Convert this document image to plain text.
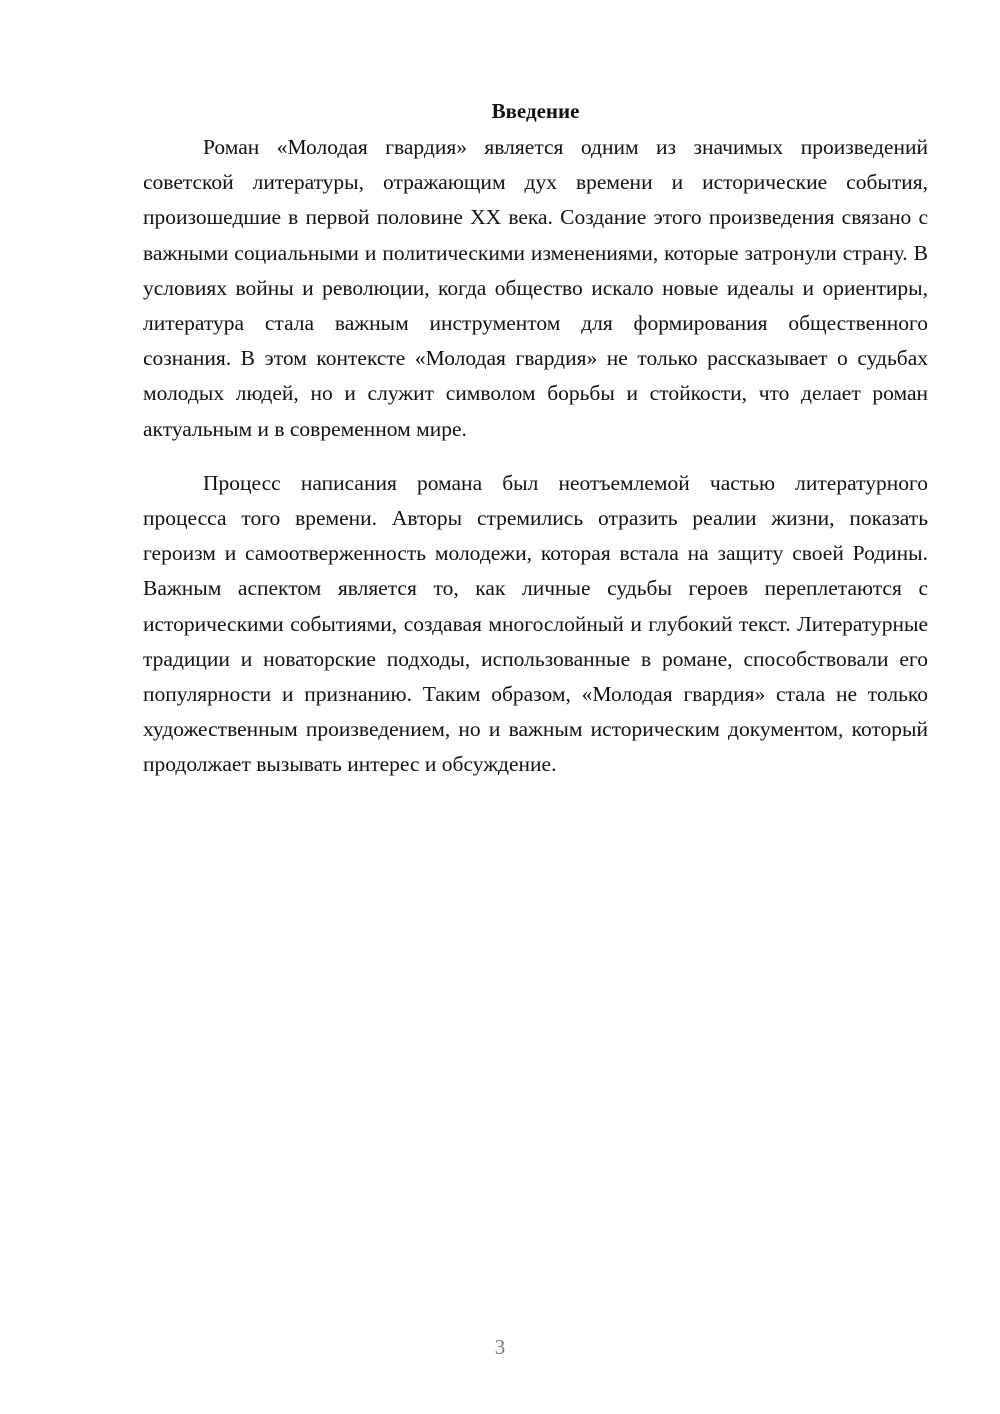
Введение

Роман «Молодая гвардия» является одним из значимых произведений советской литературы, отражающим дух времени и исторические события, произошедшие в первой половине XX века. Создание этого произведения связано с важными социальными и политическими изменениями, которые затронули страну. В условиях войны и революции, когда общество искало новые идеалы и ориентиры, литература стала важным инструментом для формирования общественного сознания. В этом контексте «Молодая гвардия» не только рассказывает о судьбах молодых людей, но и служит символом борьбы и стойкости, что делает роман актуальным и в современном мире.

Процесс написания романа был неотъемлемой частью литературного процесса того времени. Авторы стремились отразить реалии жизни, показать героизм и самоотверженность молодежи, которая встала на защиту своей Родины. Важным аспектом является то, как личные судьбы героев переплетаются с историческими событиями, создавая многослойный и глубокий текст. Литературные традиции и новаторские подходы, использованные в романе, способствовали его популярности и признанию. Таким образом, «Молодая гвардия» стала не только художественным произведением, но и важным историческим документом, который продолжает вызывать интерес и обсуждение.

3
